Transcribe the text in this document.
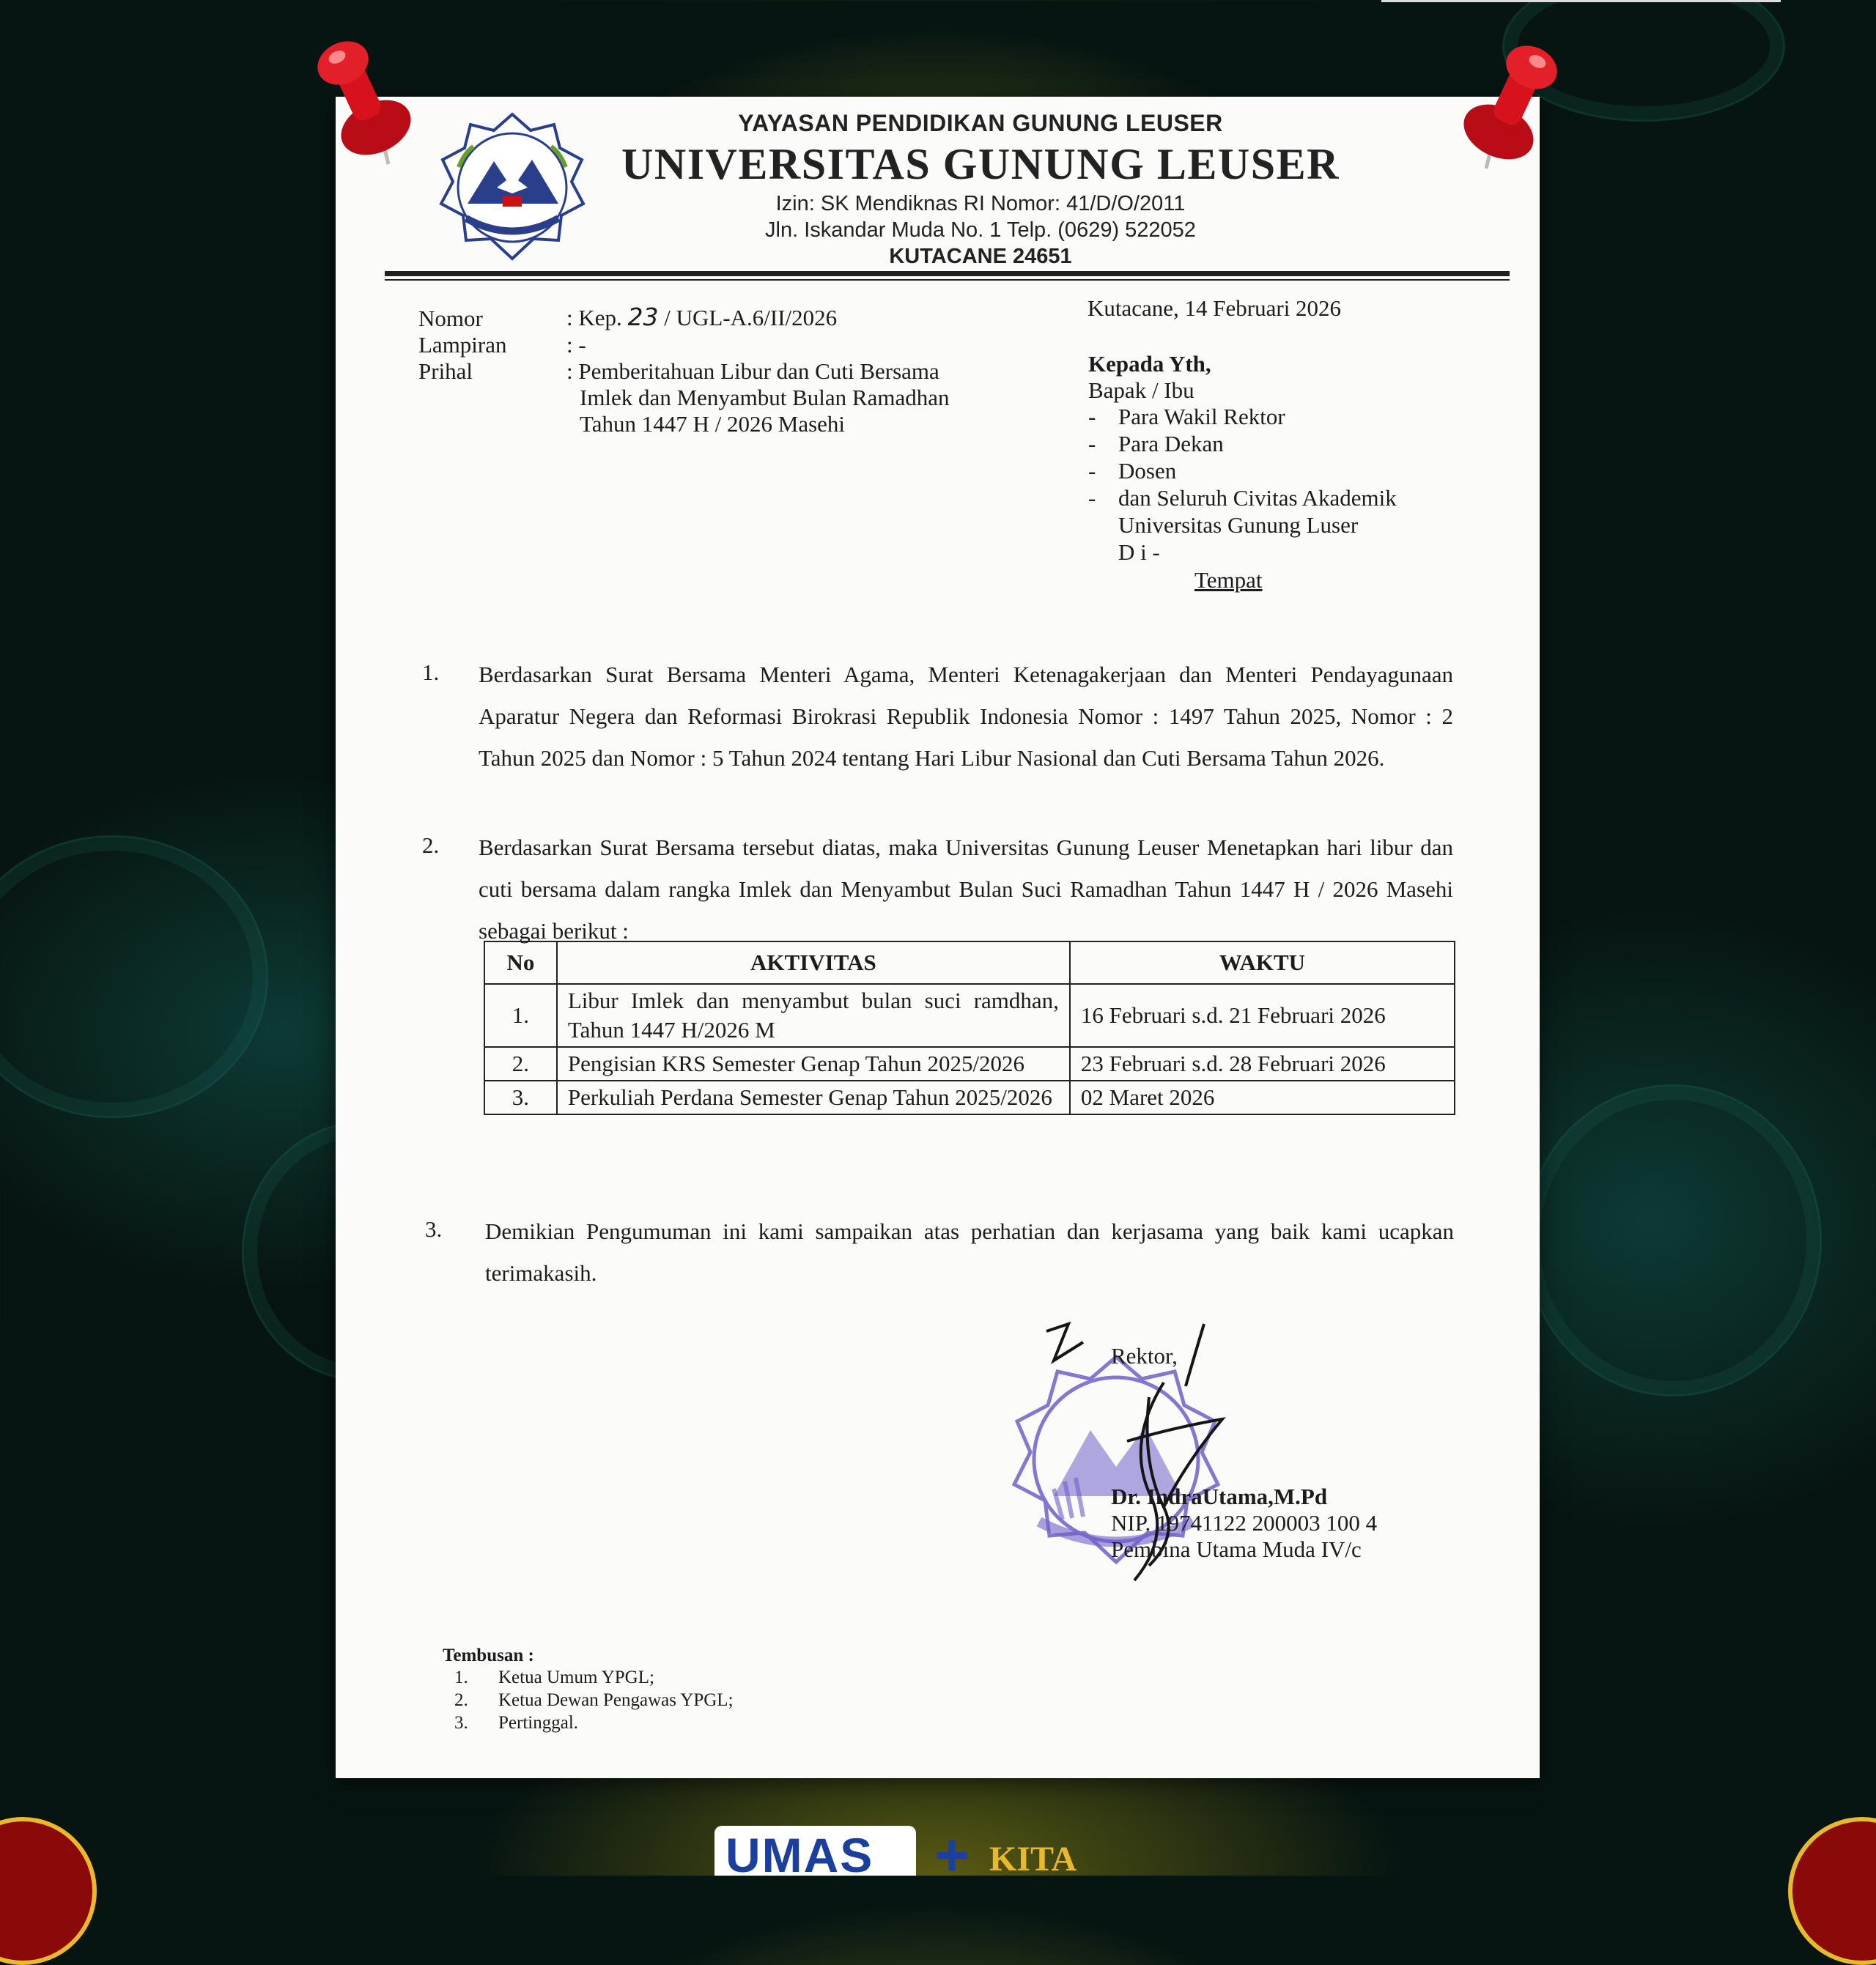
YAYASAN PENDIDIKAN GUNUNG LEUSER
UNIVERSITAS GUNUNG LEUSER
Izin: SK Mendiknas RI Nomor: 41/D/O/2011
Jln. Iskandar Muda No. 1 Telp. (0629) 522052
KUTACANE 24651
Nomor	: Kep. 23 / UGL-A.6/II/2026
Lampiran	: -
Prihal	: Pemberitahuan Libur dan Cuti Bersama
Imlek dan Menyambut Bulan Ramadhan
Tahun 1447 H / 2026 Masehi
Kutacane, 14 Februari 2026
Kepada Yth,
Bapak / Ibu
- Para Wakil Rektor
- Para Dekan
- Dosen
- dan Seluruh Civitas Akademik
Universitas Gunung Luser
D i -
Tempat
1. Berdasarkan Surat Bersama Menteri Agama, Menteri Ketenagakerjaan dan Menteri Pendayagunaan Aparatur Negera dan Reformasi Birokrasi Republik Indonesia Nomor : 1497 Tahun 2025, Nomor : 2 Tahun 2025 dan Nomor : 5 Tahun 2024 tentang Hari Libur Nasional dan Cuti Bersama Tahun 2026.
2. Berdasarkan Surat Bersama tersebut diatas, maka Universitas Gunung Leuser Menetapkan hari libur dan cuti bersama dalam rangka Imlek dan Menyambut Bulan Suci Ramadhan Tahun 1447 H / 2026 Masehi sebagai berikut :
No	AKTIVITAS	WAKTU
1.	Libur Imlek dan menyambut bulan suci ramdhan, Tahun 1447 H/2026 M	16 Februari s.d. 21 Februari 2026
2.	Pengisian KRS Semester Genap Tahun 2025/2026	23 Februari s.d. 28 Februari 2026
3.	Perkuliah Perdana Semester Genap Tahun 2025/2026	02 Maret 2026
3. Demikian Pengumuman ini kami sampaikan atas perhatian dan kerjasama yang baik kami ucapkan terimakasih.
Rektor,
Dr. IndraUtama,M.Pd
NIP. 19741122 200003 100 4
Pembina Utama Muda IV/c
Tembusan :
1. Ketua Umum YPGL;
2. Ketua Dewan Pengawas YPGL;
3. Pertinggal.
UMAS + KITA
